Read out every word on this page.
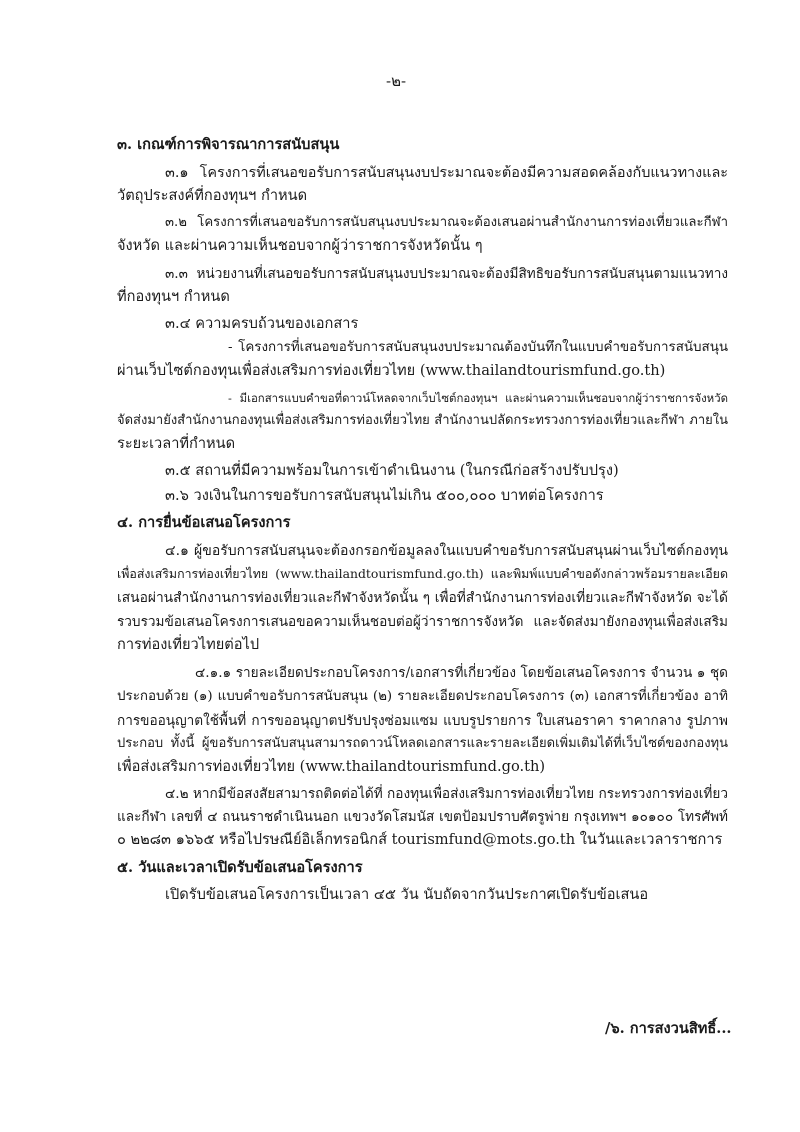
-๒-
๓. เกณฑ์การพิจารณาการสนับสนุน
๓.๑ โครงการที่เสนอขอรับการสนับสนุนงบประมาณจะต้องมีความสอดคล้องกับแนวทางและ
วัตถุประสงค์ที่กองทุนฯ กำหนด
๓.๒ โครงการที่เสนอขอรับการสนับสนุนงบประมาณจะต้องเสนอผ่านสำนักงานการท่องเที่ยวและกีฬา
จังหวัด และผ่านความเห็นชอบจากผู้ว่าราชการจังหวัดนั้น ๆ
๓.๓ หน่วยงานที่เสนอขอรับการสนับสนุนงบประมาณจะต้องมีสิทธิขอรับการสนับสนุนตามแนวทาง
ที่กองทุนฯ กำหนด
๓.๔ ความครบถ้วนของเอกสาร
- โครงการที่เสนอขอรับการสนับสนุนงบประมาณต้องบันทึกในแบบคำขอรับการสนับสนุน
ผ่านเว็บไซต์กองทุนเพื่อส่งเสริมการท่องเที่ยวไทย (www.thailandtourismfund.go.th)
- มีเอกสารแบบคำขอที่ดาวน์โหลดจากเว็บไซต์กองทุนฯ และผ่านความเห็นชอบจากผู้ว่าราชการจังหวัด
จัดส่งมายังสำนักงานกองทุนเพื่อส่งเสริมการท่องเที่ยวไทย สำนักงานปลัดกระทรวงการท่องเที่ยวและกีฬา ภายใน
ระยะเวลาที่กำหนด
๓.๕ สถานที่มีความพร้อมในการเข้าดำเนินงาน (ในกรณีก่อสร้างปรับปรุง)
๓.๖ วงเงินในการขอรับการสนับสนุนไม่เกิน ๕๐๐,๐๐๐ บาทต่อโครงการ
๔. การยื่นข้อเสนอโครงการ
๔.๑ ผู้ขอรับการสนับสนุนจะต้องกรอกข้อมูลลงในแบบคำขอรับการสนับสนุนผ่านเว็บไซต์กองทุน
เพื่อส่งเสริมการท่องเที่ยวไทย (www.thailandtourismfund.go.th) และพิมพ์แบบคำขอดังกล่าวพร้อมรายละเอียด
เสนอผ่านสำนักงานการท่องเที่ยวและกีฬาจังหวัดนั้น ๆ เพื่อที่สำนักงานการท่องเที่ยวและกีฬาจังหวัด จะได้
รวบรวมข้อเสนอโครงการเสนอขอความเห็นชอบต่อผู้ว่าราชการจังหวัด และจัดส่งมายังกองทุนเพื่อส่งเสริม
การท่องเที่ยวไทยต่อไป
๔.๑.๑ รายละเอียดประกอบโครงการ/เอกสารที่เกี่ยวข้อง โดยข้อเสนอโครงการ จำนวน ๑ ชุด
ประกอบด้วย (๑) แบบคำขอรับการสนับสนุน (๒) รายละเอียดประกอบโครงการ (๓) เอกสารที่เกี่ยวข้อง อาทิ
การขออนุญาตใช้พื้นที่ การขออนุญาตปรับปรุงซ่อมแซม แบบรูปรายการ ใบเสนอราคา ราคากลาง รูปภาพ
ประกอบ ทั้งนี้ ผู้ขอรับการสนับสนุนสามารถดาวน์โหลดเอกสารและรายละเอียดเพิ่มเติมได้ที่เว็บไซต์ของกองทุน
เพื่อส่งเสริมการท่องเที่ยวไทย (www.thailandtourismfund.go.th)
๔.๒ หากมีข้อสงสัยสามารถติดต่อได้ที่ กองทุนเพื่อส่งเสริมการท่องเที่ยวไทย กระทรวงการท่องเที่ยว
และกีฬา เลขที่ ๔ ถนนราชดำเนินนอก แขวงวัดโสมนัส เขตป้อมปราบศัตรูพ่าย กรุงเทพฯ ๑๐๑๐๐ โทรศัพท์
๐ ๒๒๘๓ ๑๖๖๕ หรือไปรษณีย์อิเล็กทรอนิกส์ tourismfund@mots.go.th ในวันและเวลาราชการ
๕. วันและเวลาเปิดรับข้อเสนอโครงการ
เปิดรับข้อเสนอโครงการเป็นเวลา ๔๕ วัน นับถัดจากวันประกาศเปิดรับข้อเสนอ
/๖. การสงวนสิทธิ์...
